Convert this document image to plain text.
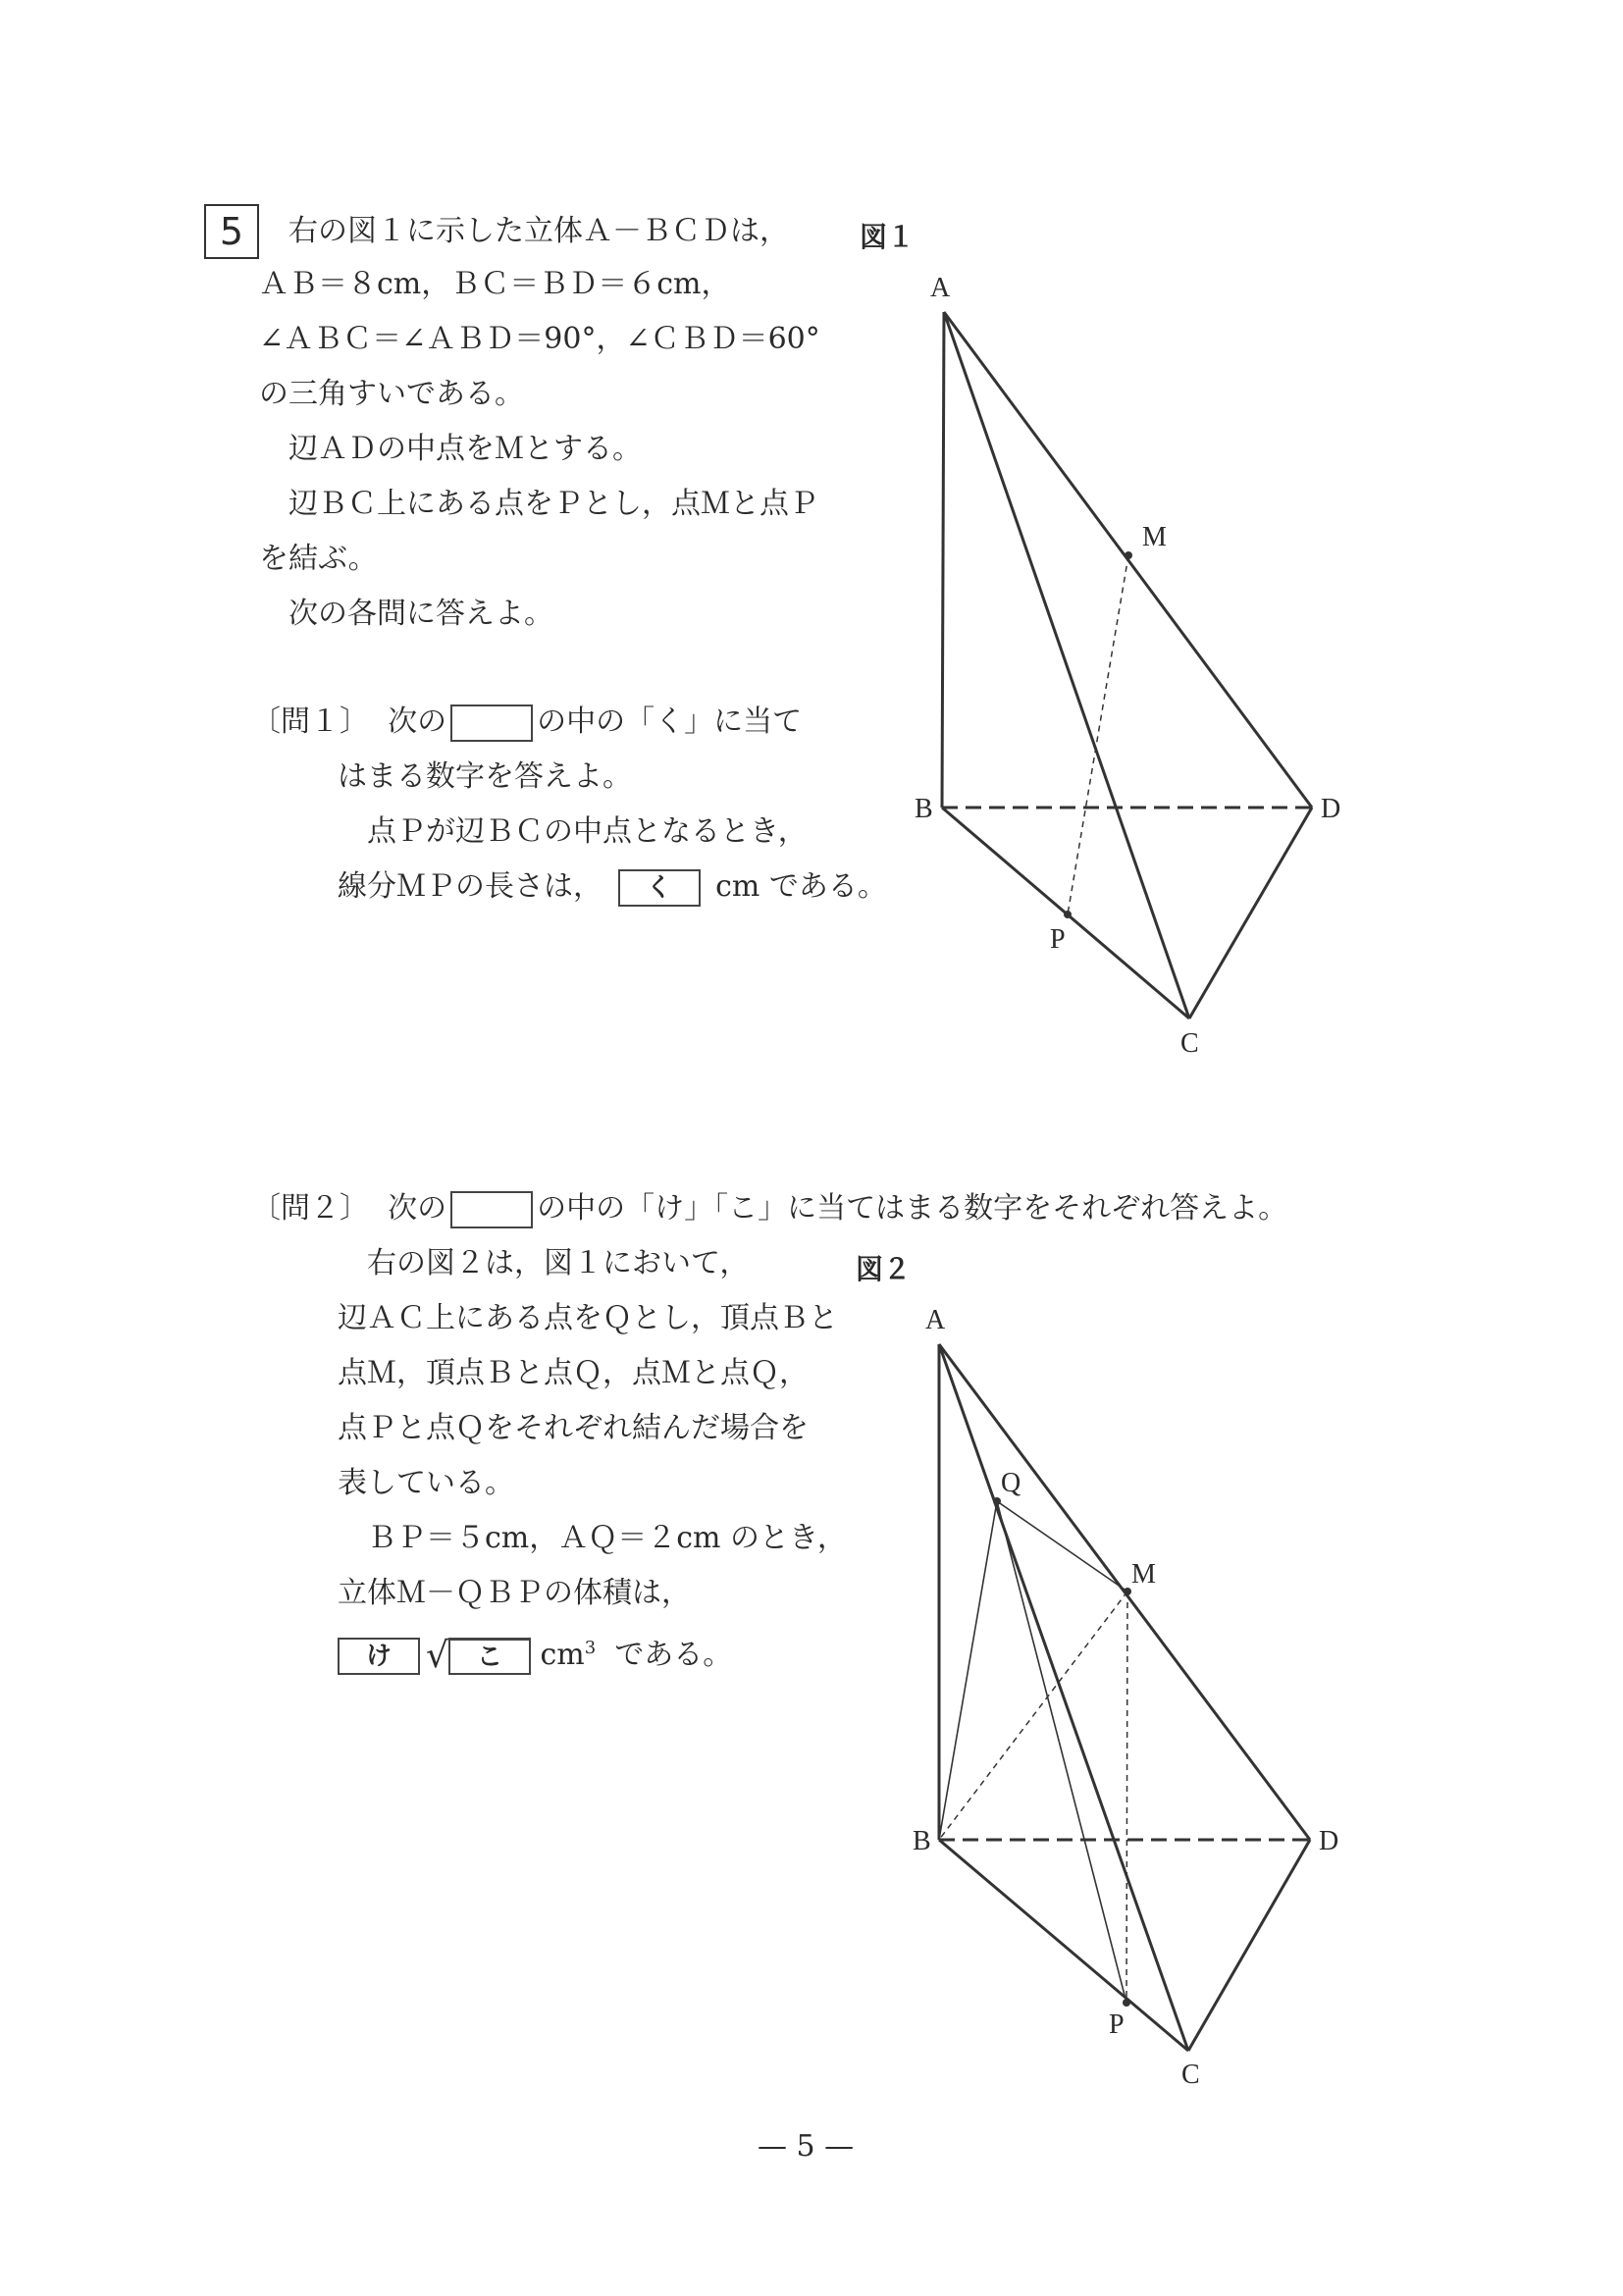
5	右の図１に示した立体Ａ－ＢＣＤは，
ＡＢ＝８cm，ＢＣ＝ＢＤ＝６cm，
∠ＡＢＣ＝∠ＡＢＤ＝90°，∠ＣＢＤ＝60°
の三角すいである。
辺ＡＤの中点をＭとする。
辺ＢＣ上にある点をＰとし，点Ｍと点Ｐ
を結ぶ。
次の各問に答えよ。
〔問１〕 次の	の中の「く」に当て
はまる数字を答えよ。
点Ｐが辺ＢＣの中点となるとき，
線分ＭＰの長さは， く cm である。
〔問２〕 次の	の中の「け」「こ」に当てはまる数字をそれぞれ答えよ。
右の図２は，図１において，
辺ＡＣ上にある点をＱとし，頂点Ｂと
点Ｍ，頂点Ｂと点Ｑ，点Ｍと点Ｑ，
点Ｐと点Ｑをそれぞれ結んだ場合を
表している。
ＢＰ＝５cm，ＡＱ＝２cm のとき，
立体Ｍ－ＱＢＰの体積は，
け √ こ $cm^3$ である。
図１
A
B
C
D
M
P
図２
A
Q
B
C
D
M
P
— 5 —
